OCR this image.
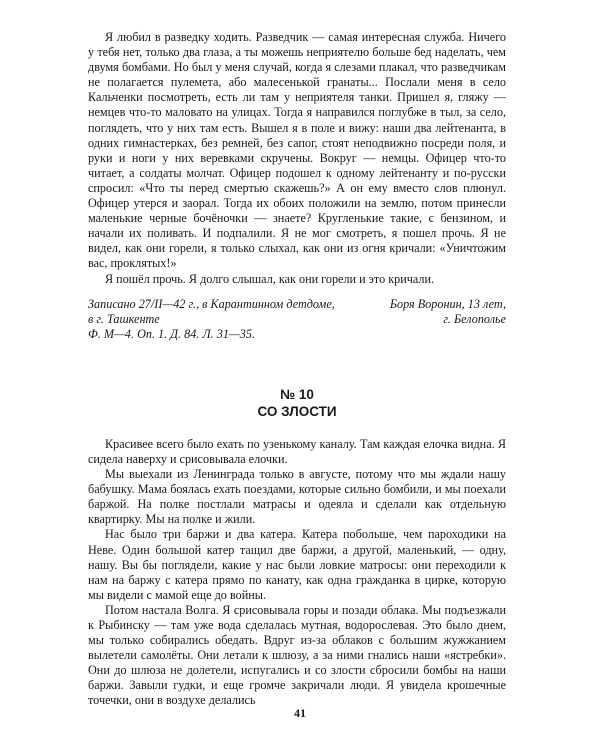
Я любил в разведку ходить. Разведчик — самая интересная служба. Ничего у тебя нет, только два глаза, а ты можешь неприятелю больше бед наделать, чем двумя бомбами. Но был у меня случай, когда я слезами плакал, что разведчикам не полагается пулемета, або малесенькой гранаты... Послали меня в село Кальченки посмотреть, есть ли там у неприятеля танки. Пришел я, гляжу — немцев что-то маловато на улицах. Тогда я направился поглубже в тыл, за село, поглядеть, что у них там есть. Вышел я в поле и вижу: наши два лейтенанта, в одних гимнастерках, без ремней, без сапог, стоят неподвижно посреди поля, и руки и ноги у них веревками скручены. Вокруг — немцы. Офицер что-то читает, а солдаты молчат. Офицер подошел к одному лейтенанту и по-русски спросил: «Что ты перед смертью скажешь?» А он ему вместо слов плюнул. Офицер утерся и заорал. Тогда их обоих положили на землю, потом принесли маленькие черные бочёночки — знаете? Кругленькие такие, с бензином, и начали их поливать. И подпалили. Я не мог смотреть, я пошел прочь. Я не видел, как они горели, я только слыхал, как они из огня кричали: «Уничтожим вас, проклятых!»

Я пошёл прочь. Я долго слышал, как они горели и это кричали.

Записано 27/II—42 г., в Карантинном детдоме,
в г. Ташкенте
Боря Воронин, 13 лет,
г. Белополье
Ф. М—4. Оп. 1. Д. 84. Л. 31—35.
№ 10
СО ЗЛОСТИ

Красивее всего было ехать по узенькому каналу. Там каждая елочка видна. Я сидела наверху и срисовывала елочки.

Мы выехали из Ленинграда только в августе, потому что мы ждали нашу бабушку. Мама боялась ехать поездами, которые сильно бомбили, и мы поехали баржой. На полке постлали матрасы и одеяла и сделали как отдельную квартирку. Мы на полке и жили.

Нас было три баржи и два катера. Катера побольше, чем пароходики на Неве. Один большой катер тащил две баржи, а другой, маленький, — одну, нашу. Вы бы поглядели, какие у нас были ловкие матросы: они переходили к нам на баржу с катера прямо по канату, как одна гражданка в цирке, которую мы видели с мамой еще до войны.

Потом настала Волга. Я срисовывала горы и позади облака. Мы подъезжали к Рыбинску — там уже вода сделалась мутная, водорослевая. Это было днем, мы только собирались обедать. Вдруг из-за облаков с большим жужжанием вылетели самолёты. Они летали к шлюзу, а за ними гнались наши «ястребки». Они до шлюза не долетели, испугались и со злости сбросили бомбы на наши баржи. Завыли гудки, и еще громче закричали люди. Я увидела крошечные точечки, они в воздухе делались

41
